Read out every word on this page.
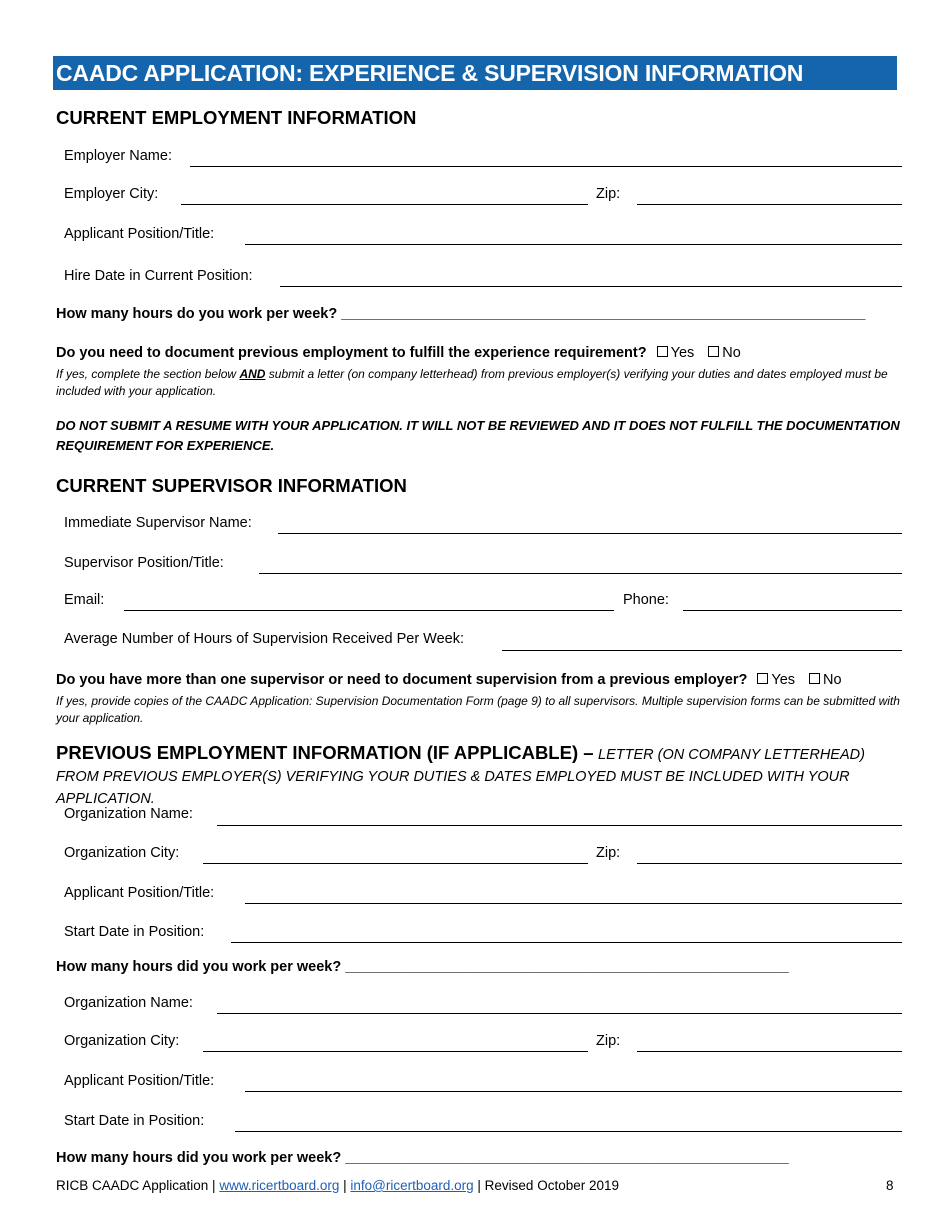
CAADC APPLICATION: EXPERIENCE & SUPERVISION INFORMATION
CURRENT EMPLOYMENT INFORMATION
Employer Name:
Employer City:	Zip:
Applicant Position/Title:
Hire Date in Current Position:
How many hours do you work per week? _________________________________________________________________
Do you need to document previous employment to fulfill the experience requirement? Yes No
If yes, complete the section below AND submit a letter (on company letterhead) from previous employer(s) verifying your duties and dates employed must be included with your application.
DO NOT SUBMIT A RESUME WITH YOUR APPLICATION. IT WILL NOT BE REVIEWED AND IT DOES NOT FULFILL THE DOCUMENTATION REQUIREMENT FOR EXPERIENCE.
CURRENT SUPERVISOR INFORMATION
Immediate Supervisor Name:
Supervisor Position/Title:
Email:	Phone:
Average Number of Hours of Supervision Received Per Week:
Do you have more than one supervisor or need to document supervision from a previous employer? Yes No
If yes, provide copies of the CAADC Application: Supervision Documentation Form (page 9) to all supervisors. Multiple supervision forms can be submitted with your application.
PREVIOUS EMPLOYMENT INFORMATION (IF APPLICABLE) – LETTER (ON COMPANY LETTERHEAD) FROM PREVIOUS EMPLOYER(S) VERIFYING YOUR DUTIES & DATES EMPLOYED MUST BE INCLUDED WITH YOUR APPLICATION.
Organization Name:
Organization City:	Zip:
Applicant Position/Title:
Start Date in Position:
How many hours did you work per week? _______________________________________________________
Organization Name:
Organization City:	Zip:
Applicant Position/Title:
Start Date in Position:
How many hours did you work per week? _______________________________________________________
RICB CAADC Application | www.ricertboard.org | info@ricertboard.org | Revised October 2019	8
